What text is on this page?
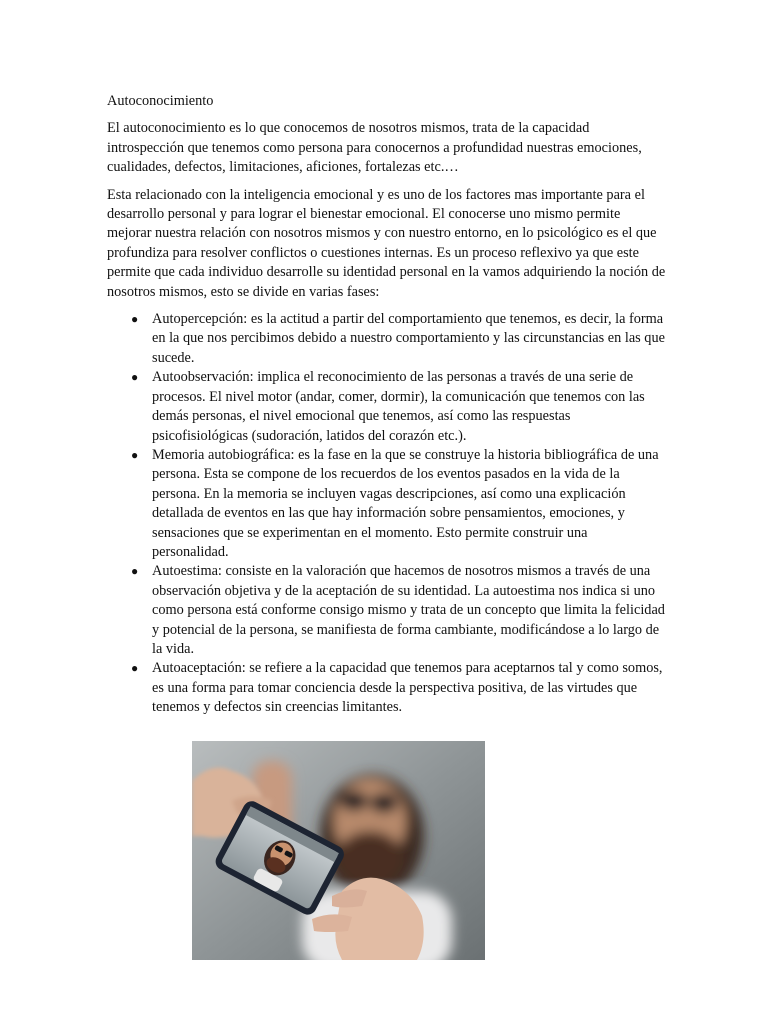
Autoconocimiento

El autoconocimiento es lo que conocemos de nosotros mismos, trata de la capacidad introspección que tenemos como persona para conocernos a profundidad nuestras emociones, cualidades, defectos, limitaciones, aficiones, fortalezas etc.…

Esta relacionado con la inteligencia emocional y es uno de los factores mas importante para el desarrollo personal y para lograr el bienestar emocional. El conocerse uno mismo permite mejorar nuestra relación con nosotros mismos y con nuestro entorno, en lo psicológico es el que profundiza para resolver conflictos o cuestiones internas. Es un proceso reflexivo ya que este permite que cada individuo desarrolle su identidad personal en la vamos adquiriendo la noción de nosotros mismos, esto se divide en varias fases:

● Autopercepción: es la actitud a partir del comportamiento que tenemos, es decir, la forma en la que nos percibimos debido a nuestro comportamiento y las circunstancias en las que sucede.
● Autoobservación: implica el reconocimiento de las personas a través de una serie de procesos. El nivel motor (andar, comer, dormir), la comunicación que tenemos con las demás personas, el nivel emocional que tenemos, así como las respuestas psicofisiológicas (sudoración, latidos del corazón etc.).
● Memoria autobiográfica: es la fase en la que se construye la historia bibliográfica de una persona. Esta se compone de los recuerdos de los eventos pasados en la vida de la persona. En la memoria se incluyen vagas descripciones, así como una explicación detallada de eventos en las que hay información sobre pensamientos, emociones, y sensaciones que se experimentan en el momento. Esto permite construir una personalidad.
● Autoestima: consiste en la valoración que hacemos de nosotros mismos a través de una observación objetiva y de la aceptación de su identidad. La autoestima nos indica si uno como persona está conforme consigo mismo y trata de un concepto que limita la felicidad y potencial de la persona, se manifiesta de forma cambiante, modificándose a lo largo de la vida.
● Autoaceptación: se refiere a la capacidad que tenemos para aceptarnos tal y como somos, es una forma para tomar conciencia desde la perspectiva positiva, de las virtudes que tenemos y defectos sin creencias limitantes.
